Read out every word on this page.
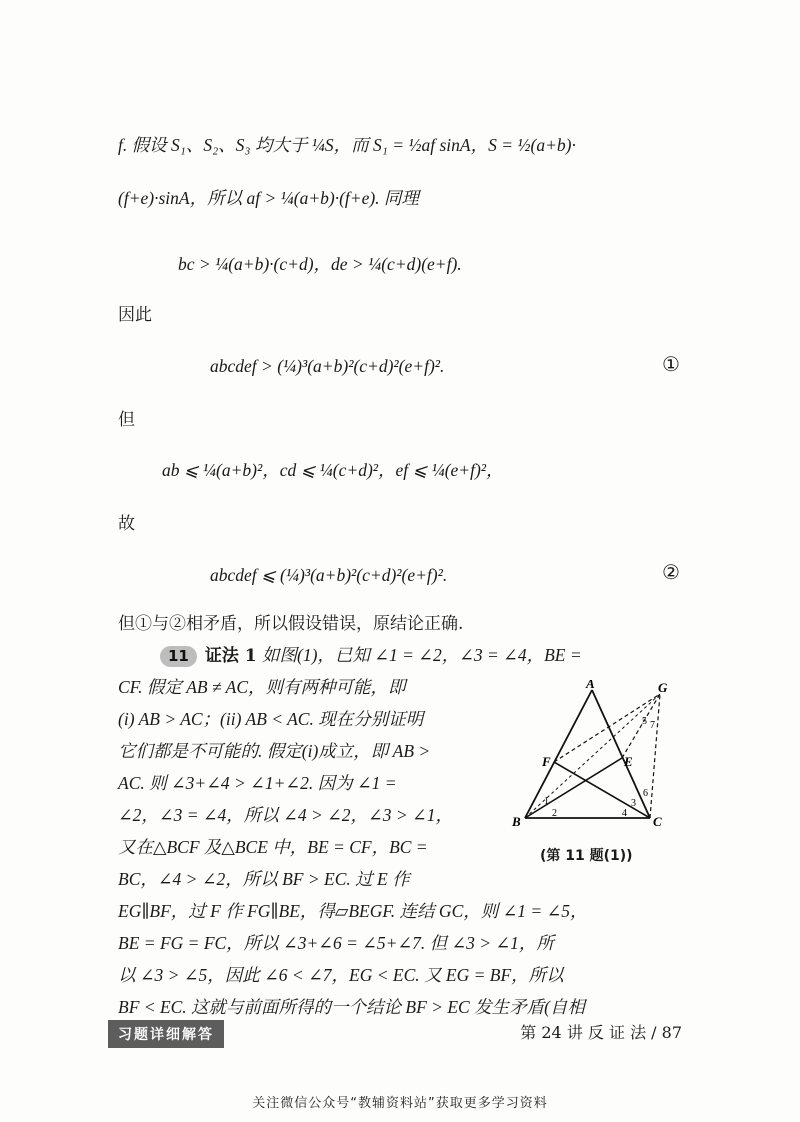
f. 假设 S₁、S₂、S₃ 均大于 ¼S，而 S₁ = ½af sinA，S = ½(a+b)·
(f+e)·sinA，所以 af > ¼(a+b)·(f+e). 同理
bc > ¼(a+b)·(c+d)，de > ¼(c+d)(e+f).
因此
abcdef > (¼)³(a+b)²(c+d)²(e+f)².	①
但
ab ⩽ ¼(a+b)²，cd ⩽ ¼(c+d)²，ef ⩽ ¼(e+f)²，
故
abcdef ⩽ (¼)³(a+b)²(c+d)²(e+f)².	②
但①与②相矛盾，所以假设错误，原结论正确.
11 证法 1 如图(1)，已知 ∠1 = ∠2，∠3 = ∠4，BE =
CF. 假定 AB ≠ AC，则有两种可能，即
(i) AB > AC；(ii) AB < AC. 现在分别证明
它们都是不可能的. 假定(i)成立，即 AB >
AC. 则 ∠3+∠4 > ∠1+∠2. 因为 ∠1 =
∠2，∠3 = ∠4，所以 ∠4 > ∠2，∠3 > ∠1，
又在△BCF 及△BCE 中，BE = CF，BC =
BC，∠4 > ∠2，所以 BF > EC. 过 E 作
EG∥BF，过 F 作 FG∥BE，得▱BEGF. 连结 GC，则 ∠1 = ∠5，
BE = FG = FC，所以 ∠3+∠6 = ∠5+∠7. 但 ∠3 > ∠1，所
以 ∠3 > ∠5，因此 ∠6 < ∠7，EG < EC. 又 EG = BF，所以
BF < EC. 这就与前面所得的一个结论 BF > EC 发生矛盾(自相
A	G
F	E
B	C
1
2
3
4
5
6
7
(第 11 题(1))
习题详细解答	第 24 讲 反 证 法 / 87
关注微信公众号“教辅资料站”获取更多学习资料
